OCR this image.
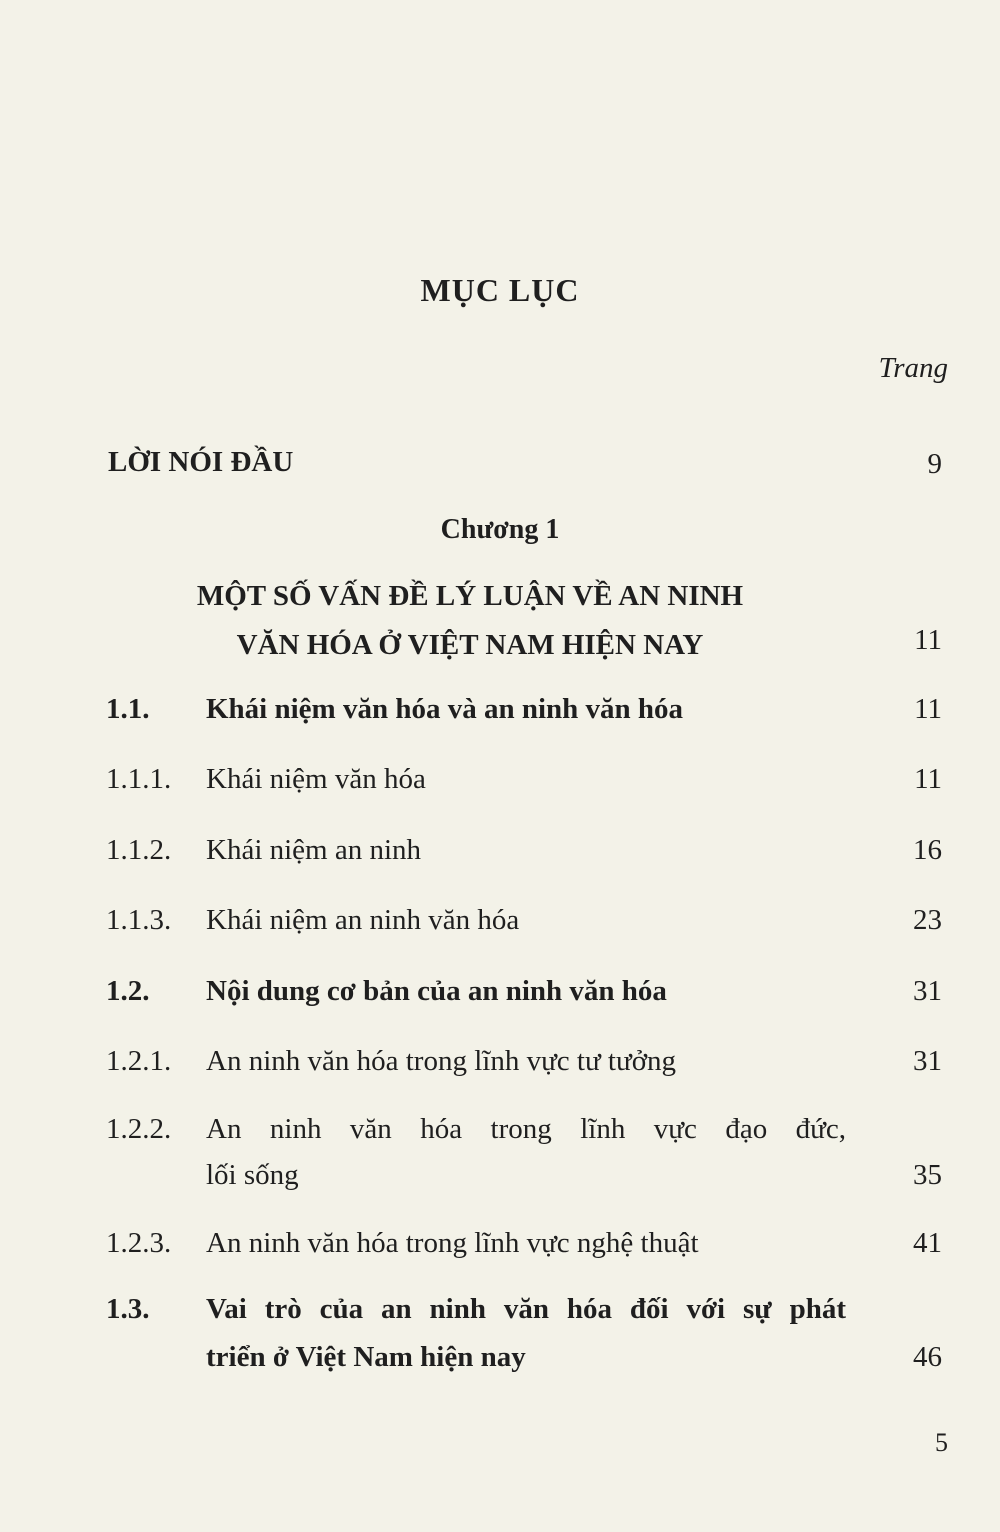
MỤC LỤC
Trang
LỜI NÓI ĐẦU	9
Chương 1
MỘT SỐ VẤN ĐỀ LÝ LUẬN VỀ AN NINH
VĂN HÓA Ở VIỆT NAM HIỆN NAY	11
1.1. Khái niệm văn hóa và an ninh văn hóa	11
1.1.1. Khái niệm văn hóa	11
1.1.2. Khái niệm an ninh	16
1.1.3. Khái niệm an ninh văn hóa	23
1.2. Nội dung cơ bản của an ninh văn hóa	31
1.2.1. An ninh văn hóa trong lĩnh vực tư tưởng	31
1.2.2. An ninh văn hóa trong lĩnh vực đạo đức,
lối sống	35
1.2.3. An ninh văn hóa trong lĩnh vực nghệ thuật	41
1.3. Vai trò của an ninh văn hóa đối với sự phát
triển ở Việt Nam hiện nay	46
5
